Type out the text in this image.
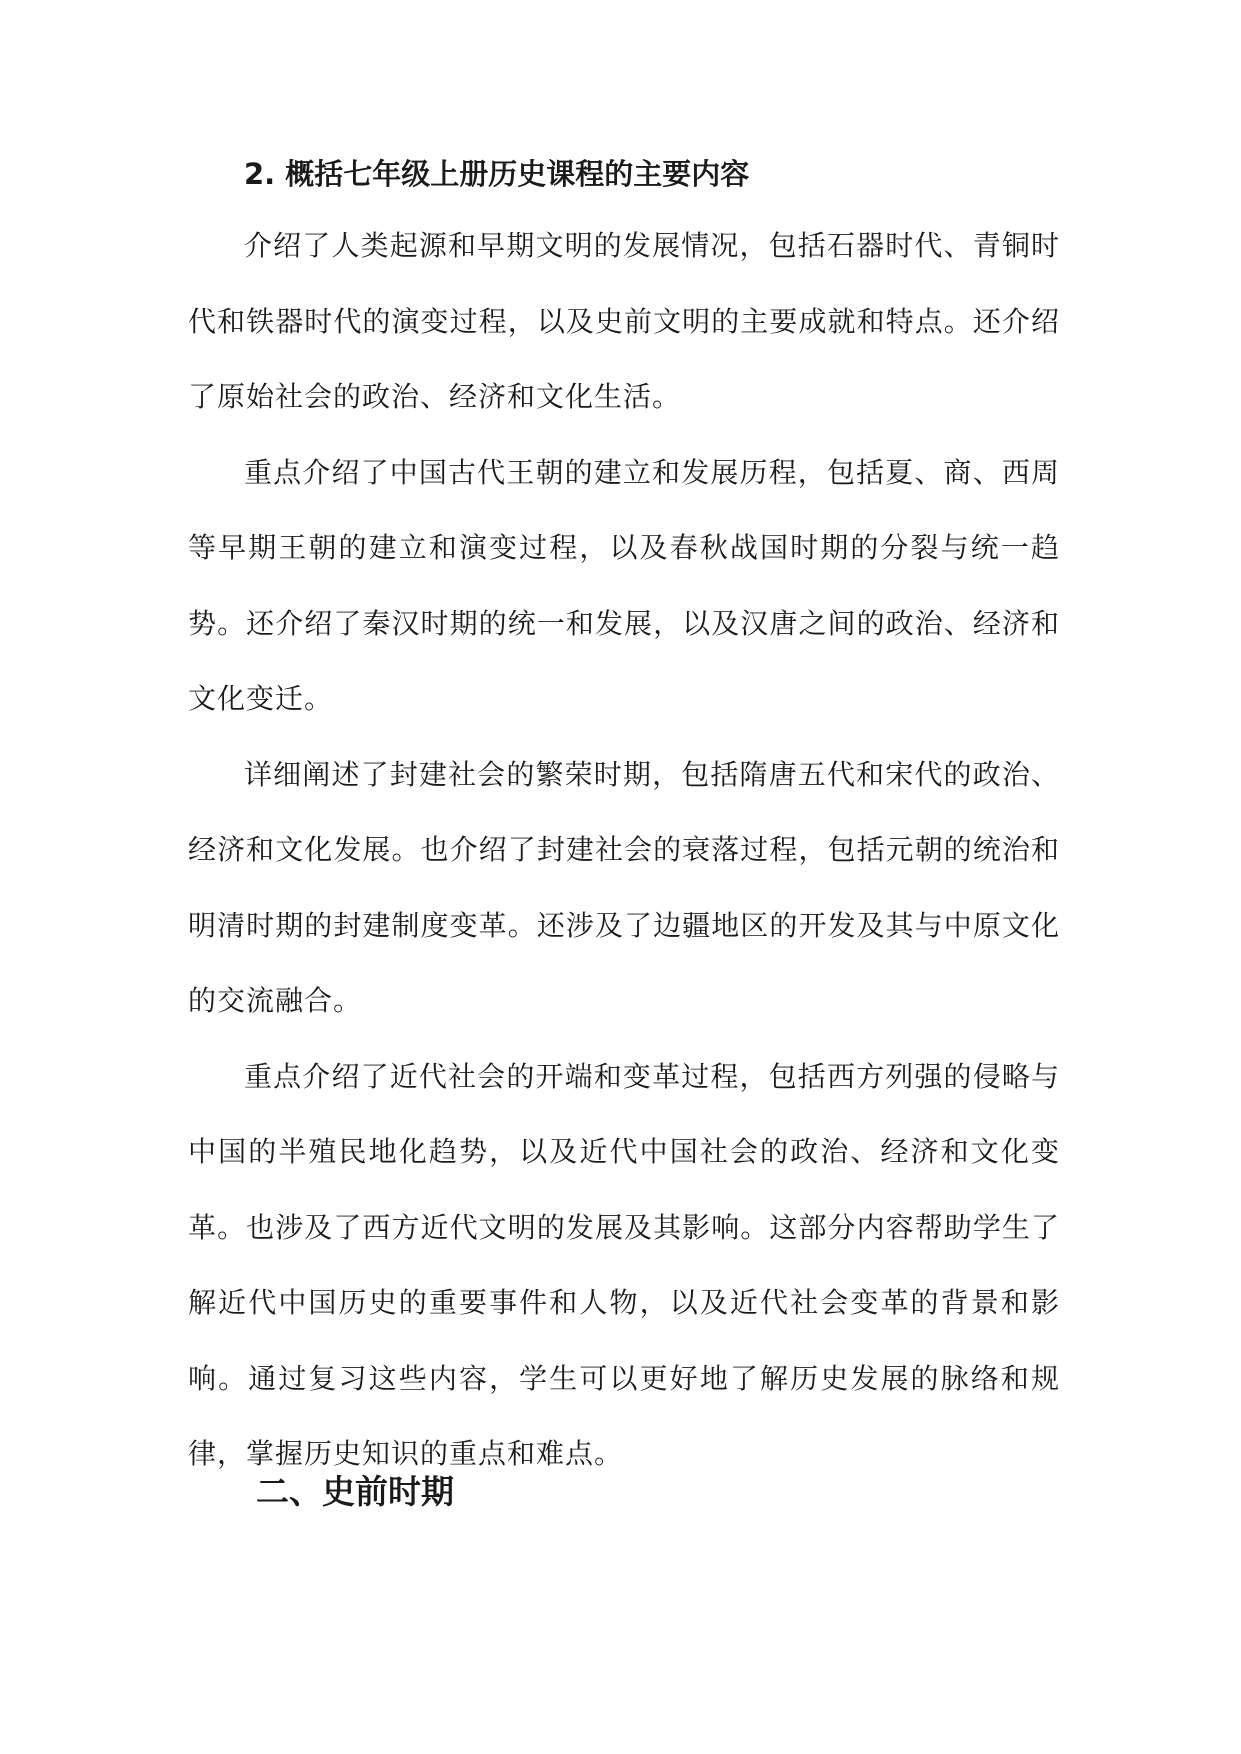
2. 概括七年级上册历史课程的主要内容

介绍了人类起源和早期文明的发展情况，包括石器时代、青铜时代和铁器时代的演变过程，以及史前文明的主要成就和特点。还介绍了原始社会的政治、经济和文化生活。

重点介绍了中国古代王朝的建立和发展历程，包括夏、商、西周等早期王朝的建立和演变过程，以及春秋战国时期的分裂与统一趋势。还介绍了秦汉时期的统一和发展，以及汉唐之间的政治、经济和文化变迁。

详细阐述了封建社会的繁荣时期，包括隋唐五代和宋代的政治、经济和文化发展。也介绍了封建社会的衰落过程，包括元朝的统治和明清时期的封建制度变革。还涉及了边疆地区的开发及其与中原文化的交流融合。

重点介绍了近代社会的开端和变革过程，包括西方列强的侵略与中国的半殖民地化趋势，以及近代中国社会的政治、经济和文化变革。也涉及了西方近代文明的发展及其影响。这部分内容帮助学生了解近代中国历史的重要事件和人物，以及近代社会变革的背景和影响。通过复习这些内容，学生可以更好地了解历史发展的脉络和规律，掌握历史知识的重点和难点。

二、史前时期
